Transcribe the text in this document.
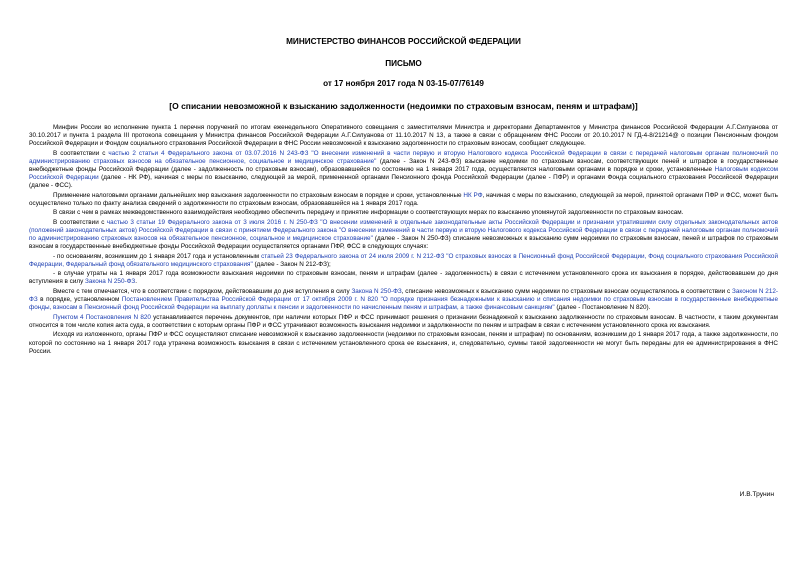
МИНИСТЕРСТВО ФИНАНСОВ РОССИЙСКОЙ ФЕДЕРАЦИИ
ПИСЬМО
от 17 ноября 2017 года N 03-15-07/76149
[О списании невозможной к взысканию задолженности (недоимки по страховым взносам, пеням и штрафам)]

Минфин России во исполнение пункта 1 перечня поручений по итогам еженедельного Оперативного совещания с заместителями Министра и директорами Департаментов у Министра финансов Российской Федерации А.Г.Силуанова от 30.10.2017 и пункта 1 раздела III протокола совещания у Министра финансов Российской Федерации А.Г.Силуанова от 11.10.2017 N 13, а также в связи с обращением ФНС России от 20.10.2017 N ГД-4-8/21214@ о позиции Пенсионным фондом Российской Федерации и Фондом социального страхования Российской Федерации в ФНС России невозможной к взысканию задолженности по страховым взносам, сообщает следующее.

В соответствии с частью 2 статьи 4 Федерального закона от 03.07.2016 N 243-ФЗ "О внесении изменений в части первую и вторую Налогового кодекса Российской Федерации в связи с передачей налоговым органам полномочий по администрированию страховых взносов на обязательное пенсионное, социальное и медицинское страхование" (далее - Закон N 243-ФЗ) взыскание недоимки по страховым взносам, соответствующих пеней и штрафов в государственные внебюджетные фонды Российской Федерации (далее - задолженность по страховым взносам), образовавшейся по состоянию на 1 января 2017 года, осуществляется налоговыми органами в порядке и сроки, установленные Налоговым кодексом Российской Федерации (далее - НК РФ), начиная с меры по взысканию, следующей за мерой, примененной органами Пенсионного фонда Российской Федерации (далее - ПФР) и органами Фонда социального страхования Российской Федерации (далее - ФСС).

Применение налоговыми органами дальнейших мер взыскания задолженности по страховым взносам в порядке и сроки, установленные НК РФ, начиная с меры по взысканию, следующей за мерой, принятой органами ПФР и ФСС, может быть осуществлено только по факту анализа сведений о задолженности по страховым взносам, образовавшейся на 1 января 2017 года.

В связи с чем в рамках межведомственного взаимодействия необходимо обеспечить передачу и принятие информации о соответствующих мерах по взысканию упомянутой задолженности по страховым взносам.

В соответствии с частью 3 статьи 19 Федерального закона от 3 июля 2016 г. N 250-ФЗ "О внесении изменений в отдельные законодательные акты Российской Федерации и признании утратившими силу отдельных законодательных актов (положений законодательных актов) Российской Федерации в связи с принятием Федерального закона "О внесении изменений в части первую и вторую Налогового кодекса Российской Федерации в связи с передачей налоговым органам полномочий по администрированию страховых взносов на обязательное пенсионное, социальное и медицинское страхование" (далее - Закон N 250-ФЗ) списание невозможных к взысканию сумм недоимки по страховым взносам, пеней и штрафов по страховым взносам в государственные внебюджетные фонды Российской Федерации осуществляется органами ПФР, ФСС в следующих случаях:

- по основаниям, возникшим до 1 января 2017 года и установленным статьей 23 Федерального закона от 24 июля 2009 г. N 212-ФЗ "О страховых взносах в Пенсионный фонд Российской Федерации, Фонд социального страхования Российской Федерации, Федеральный фонд обязательного медицинского страхования" (далее - Закон N 212-ФЗ);

- в случае утраты на 1 января 2017 года возможности взыскания недоимки по страховым взносам, пеням и штрафам (далее - задолженность) в связи с истечением установленного срока их взыскания в порядке, действовавшем до дня вступления в силу Закона N 250-ФЗ.

Вместе с тем отмечается, что в соответствии с порядком, действовавшим до дня вступления в силу Закона N 250-ФЗ, списание невозможных к взысканию сумм недоимки по страховым взносам осуществлялось в соответствии с Законом N 212-ФЗ в порядке, установленном Постановлением Правительства Российской Федерации от 17 октября 2009 г. N 820 "О порядке признания безнадежными к взысканию и списания недоимки по страховым взносам в государственные внебюджетные фонды, взносам в Пенсионный фонд Российской Федерации на выплату доплаты к пенсии и задолженности по начисленным пеням и штрафам, а также финансовым санкциям" (далее - Постановление N 820).

Пунктом 4 Постановления N 820 устанавливается перечень документов, при наличии которых ПФР и ФСС принимают решения о признании безнадежной к взысканию задолженности по страховым взносам. В частности, к таким документам относится в том числе копия акта суда, в соответствии с которым органы ПФР и ФСС утрачивают возможность взыскания недоимки и задолженности по пеням и штрафам в связи с истечением установленного срока их взыскания.

Исходя из изложенного, органы ПФР и ФСС осуществляют списание невозможной к взысканию задолженности (недоимки по страховым взносам, пеням и штрафам) по основаниям, возникшим до 1 января 2017 года, а также задолженности, по которой по состоянию на 1 января 2017 года утрачена возможность взыскания в связи с истечением установленного срока ее взыскания, и, следовательно, суммы такой задолженности не могут быть переданы для ее администрирования в ФНС России.

И.В.Трунин
